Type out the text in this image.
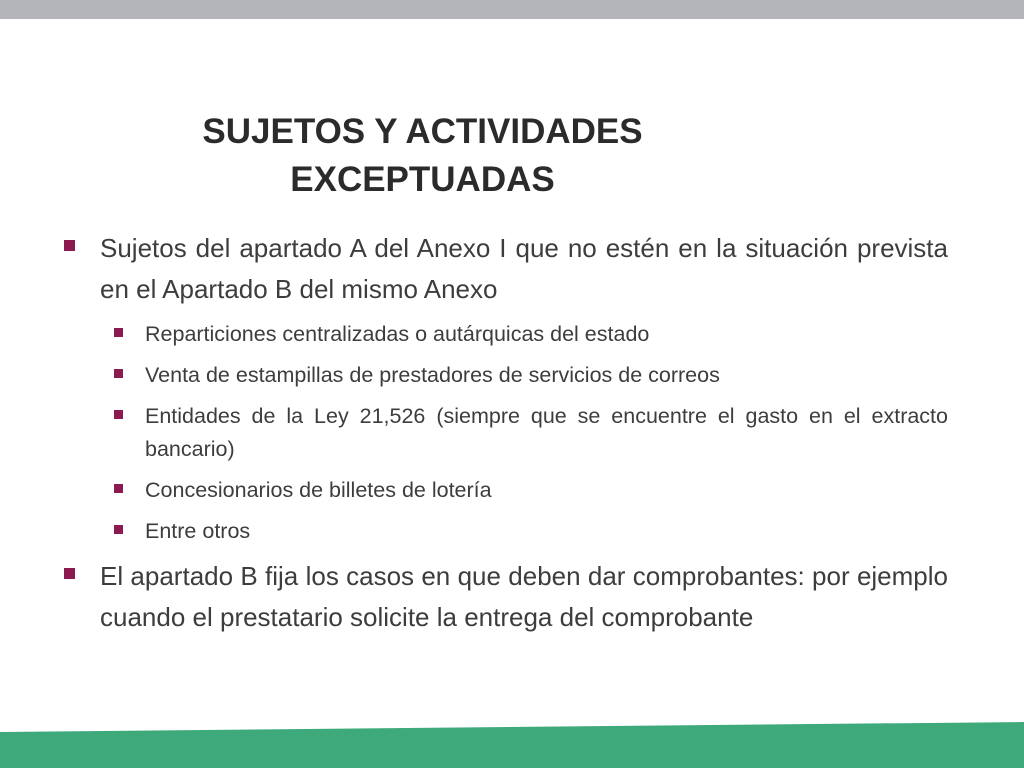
SUJETOS Y ACTIVIDADES
EXCEPTUADAS
Sujetos del apartado A del Anexo I que no estén en la situación prevista en el Apartado B del mismo Anexo
Reparticiones centralizadas o autárquicas del estado
Venta de estampillas de prestadores de servicios de correos
Entidades de la Ley 21,526 (siempre que se encuentre el gasto en el extracto bancario)
Concesionarios de billetes de lotería
Entre otros
El apartado B fija los casos en que deben dar comprobantes: por ejemplo cuando el prestatario solicite la entrega del comprobante
